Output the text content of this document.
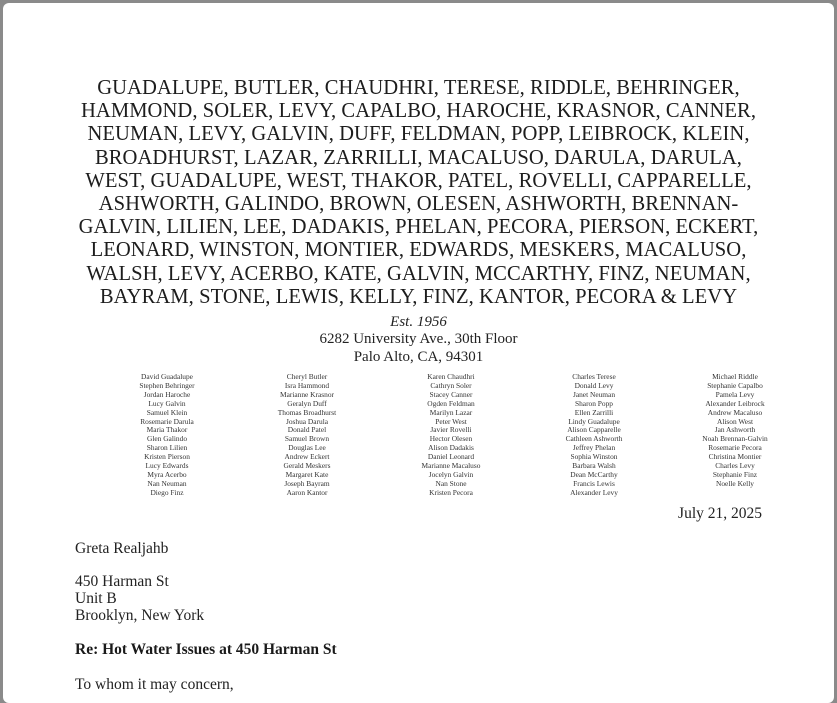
GUADALUPE, BUTLER, CHAUDHRI, TERESE, RIDDLE, BEHRINGER,
HAMMOND, SOLER, LEVY, CAPALBO, HAROCHE, KRASNOR, CANNER,
NEUMAN, LEVY, GALVIN, DUFF, FELDMAN, POPP, LEIBROCK, KLEIN,
BROADHURST, LAZAR, ZARRILLI, MACALUSO, DARULA, DARULA,
WEST, GUADALUPE, WEST, THAKOR, PATEL, ROVELLI, CAPPARELLE,
ASHWORTH, GALINDO, BROWN, OLESEN, ASHWORTH, BRENNAN-
GALVIN, LILIEN, LEE, DADAKIS, PHELAN, PECORA, PIERSON, ECKERT,
LEONARD, WINSTON, MONTIER, EDWARDS, MESKERS, MACALUSO,
WALSH, LEVY, ACERBO, KATE, GALVIN, MCCARTHY, FINZ, NEUMAN,
BAYRAM, STONE, LEWIS, KELLY, FINZ, KANTOR, PECORA & LEVY
Est. 1956
6282 University Ave., 30th Floor
Palo Alto, CA, 94301
David Guadalupe
Stephen Behringer
Jordan Haroche
Lucy Galvin
Samuel Klein
Rosemarie Darula
Maria Thakor
Glen Galindo
Sharon Lilien
Kristen Pierson
Lucy Edwards
Myra Acerbo
Nan Neuman
Diego Finz
Cheryl Butler
Isra Hammond
Marianne Krasnor
Geralyn Duff
Thomas Broadhurst
Joshua Darula
Donald Patel
Samuel Brown
Douglas Lee
Andrew Eckert
Gerald Meskers
Margaret Kate
Joseph Bayram
Aaron Kantor
Karen Chaudhri
Cathryn Soler
Stacey Canner
Ogden Feldman
Marilyn Lazar
Peter West
Javier Rovelli
Hector Olesen
Alison Dadakis
Daniel Leonard
Marianne Macaluso
Jocelyn Galvin
Nan Stone
Kristen Pecora
Charles Terese
Donald Levy
Janet Neuman
Sharon Popp
Ellen Zarrilli
Lindy Guadalupe
Alison Capparelle
Cathleen Ashworth
Jeffrey Phelan
Sophia Winston
Barbara Walsh
Dean McCarthy
Francis Lewis
Alexander Levy
Michael Riddle
Stephanie Capalbo
Pamela Levy
Alexander Leibrock
Andrew Macaluso
Alison West
Jan Ashworth
Noah Brennan-Galvin
Rosemarie Pecora
Christina Montier
Charles Levy
Stephanie Finz
Noelle Kelly
July 21, 2025
Greta Realjahb
450 Harman St
Unit B
Brooklyn, New York
Re: Hot Water Issues at 450 Harman St
To whom it may concern,
